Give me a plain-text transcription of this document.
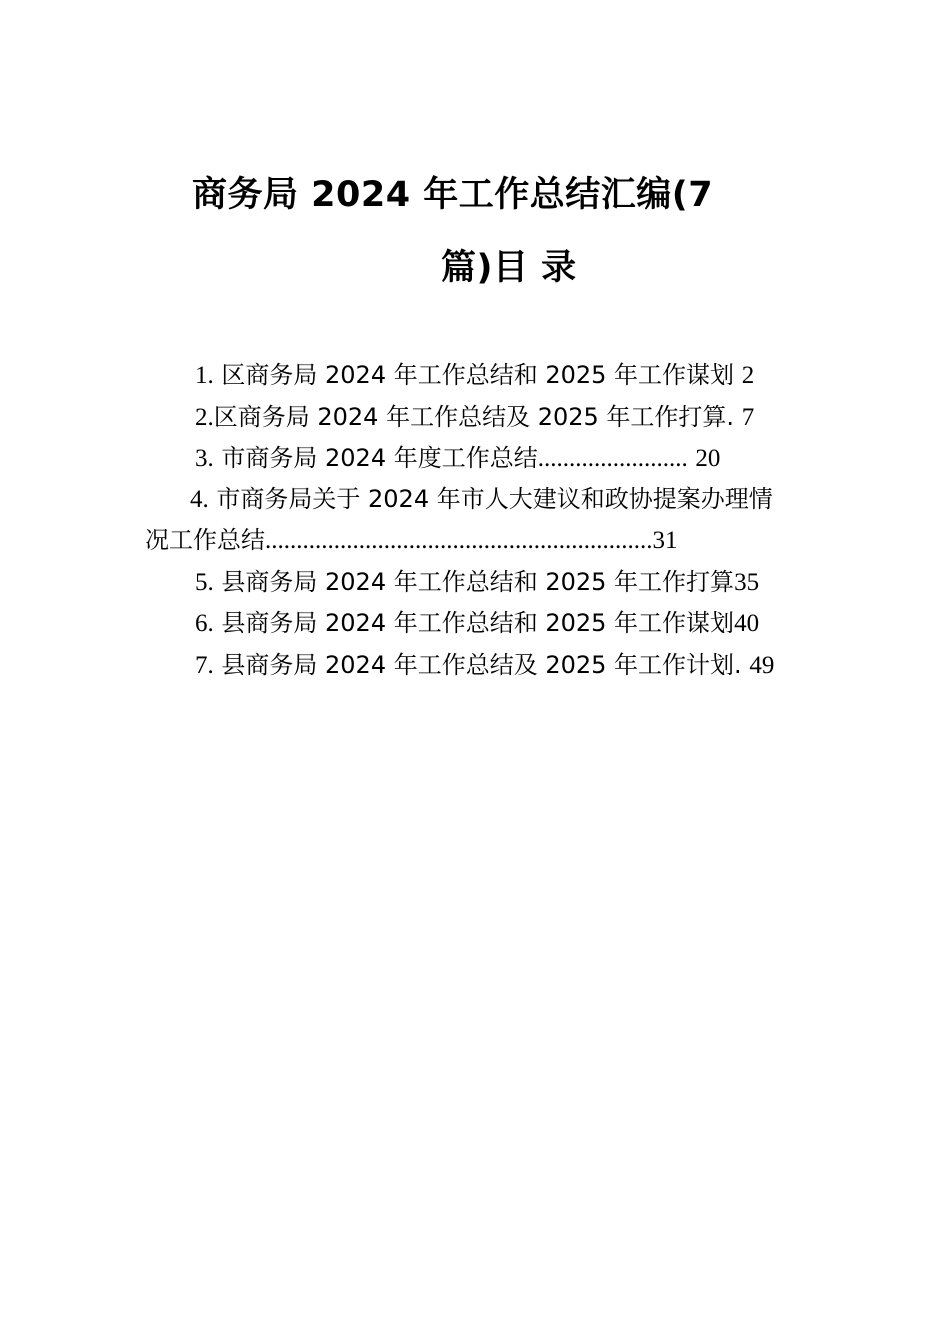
商务局 2024 年工作总结汇编(7
篇)目 录
1. 区商务局 2024 年工作总结和 2025 年工作谋划 2
2.区商务局 2024 年工作总结及 2025 年工作打算. 7
3. 市商务局 2024 年度工作总结........................ 20
4. 市商务局关于 2024 年市人大建议和政协提案办理情
况工作总结..............................................................31
5. 县商务局 2024 年工作总结和 2025 年工作打算35
6. 县商务局 2024 年工作总结和 2025 年工作谋划40
7. 县商务局 2024 年工作总结及 2025 年工作计划. 49
